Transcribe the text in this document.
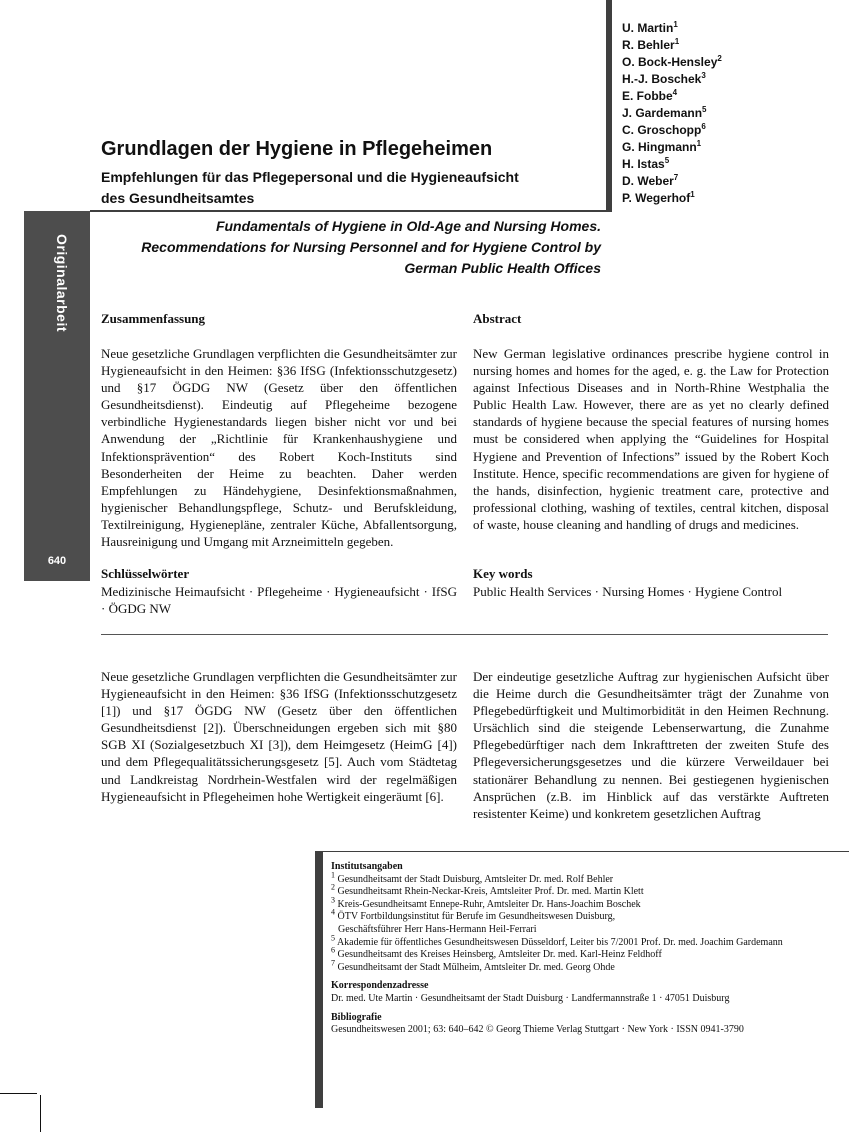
Originalarbeit
640
U. Martin$^1$
R. Behler$^1$
O. Bock-Hensley$^2$
H.-J. Boschek$^3$
E. Fobbe$^4$
J. Gardemann$^5$
C. Groschopp$^6$
G. Hingmann$^1$
H. Istas$^5$
D. Weber$^7$
P. Wegerhof$^1$
Grundlagen der Hygiene in Pflegeheimen
Empfehlungen für das Pflegepersonal und die Hygieneaufsicht des Gesundheitsamtes
Fundamentals of Hygiene in Old-Age and Nursing Homes. Recommendations for Nursing Personnel and for Hygiene Control by German Public Health Offices
Zusammenfassung

Neue gesetzliche Grundlagen verpflichten die Gesundheitsämter zur Hygieneaufsicht in den Heimen: §36 IfSG (Infektionsschutzgesetz) und §17 ÖGDG NW (Gesetz über den öffentlichen Gesundheitsdienst). Eindeutig auf Pflegeheime bezogene verbindliche Hygienestandards liegen bisher nicht vor und bei Anwendung der „Richtlinie für Krankenhaushygiene und Infektionsprävention“ des Robert Koch-Instituts sind Besonderheiten der Heime zu beachten. Daher werden Empfehlungen zu Händehygiene, Desinfektionsmaßnahmen, hygienischer Behandlungspflege, Schutz- und Berufskleidung, Textilreinigung, Hygienepläne, zentraler Küche, Abfallentsorgung, Hausreinigung und Umgang mit Arzneimitteln gegeben.

Abstract

New German legislative ordinances prescribe hygiene control in nursing homes and homes for the aged, e. g. the Law for Protection against Infectious Diseases and in North-Rhine Westphalia the Public Health Law. However, there are as yet no clearly defined standards of hygiene because the special features of nursing homes must be considered when applying the “Guidelines for Hospital Hygiene and Prevention of Infections” issued by the Robert Koch Institute. Hence, specific recommendations are given for hygiene of the hands, disinfection, hygienic treatment care, protective and professional clothing, washing of textiles, central kitchen, disposal of waste, house cleaning and handling of drugs and medicines.

Schlüsselwörter

Medizinische Heimaufsicht · Pflegeheime · Hygieneaufsicht · IfSG · ÖGDG NW

Key words

Public Health Services · Nursing Homes · Hygiene Control

Neue gesetzliche Grundlagen verpflichten die Gesundheitsämter zur Hygieneaufsicht in den Heimen: §36 IfSG (Infektionsschutzgesetz [1]) und §17 ÖGDG NW (Gesetz über den öffentlichen Gesundheitsdienst [2]). Überschneidungen ergeben sich mit §80 SGB XI (Sozialgesetzbuch XI [3]), dem Heimgesetz (HeimG [4]) und dem Pflegequalitätssicherungsgesetz [5]. Auch vom Städtetag und Landkreistag Nordrhein-Westfalen wird der regelmäßigen Hygieneaufsicht in Pflegeheimen hohe Wertigkeit eingeräumt [6].

Der eindeutige gesetzliche Auftrag zur hygienischen Aufsicht über die Heime durch die Gesundheitsämter trägt der Zunahme von Pflegebedürftigkeit und Multimorbidität in den Heimen Rechnung. Ursächlich sind die steigende Lebenserwartung, die Zunahme Pflegebedürftiger nach dem Inkrafttreten der zweiten Stufe des Pflegeversicherungsgesetzes und die kürzere Verweildauer bei stationärer Behandlung zu nennen. Bei gestiegenen hygienischen Ansprüchen (z.B. im Hinblick auf das verstärkte Auftreten resistenter Keime) und konkretem gesetzlichen Auftrag

Institutsangaben

$^1$ Gesundheitsamt der Stadt Duisburg, Amtsleiter Dr. med. Rolf Behler

$^2$ Gesundheitsamt Rhein-Neckar-Kreis, Amtsleiter Prof. Dr. med. Martin Klett

$^3$ Kreis-Gesundheitsamt Ennepe-Ruhr, Amtsleiter Dr. Hans-Joachim Boschek

$^4$ ÖTV Fortbildungsinstitut für Berufe im Gesundheitswesen Duisburg,

Geschäftsführer Herr Hans-Hermann Heil-Ferrari

$^5$ Akademie für öffentliches Gesundheitswesen Düsseldorf, Leiter bis 7/2001 Prof. Dr. med. Joachim Gardemann

$^6$ Gesundheitsamt des Kreises Heinsberg, Amtsleiter Dr. med. Karl-Heinz Feldhoff

$^7$ Gesundheitsamt der Stadt Mülheim, Amtsleiter Dr. med. Georg Ohde

Korrespondenzadresse

Dr. med. Ute Martin · Gesundheitsamt der Stadt Duisburg · Landfermannstraße 1 · 47051 Duisburg

Bibliografie

Gesundheitswesen 2001; 63: 640–642 © Georg Thieme Verlag Stuttgart · New York · ISSN 0941-3790
